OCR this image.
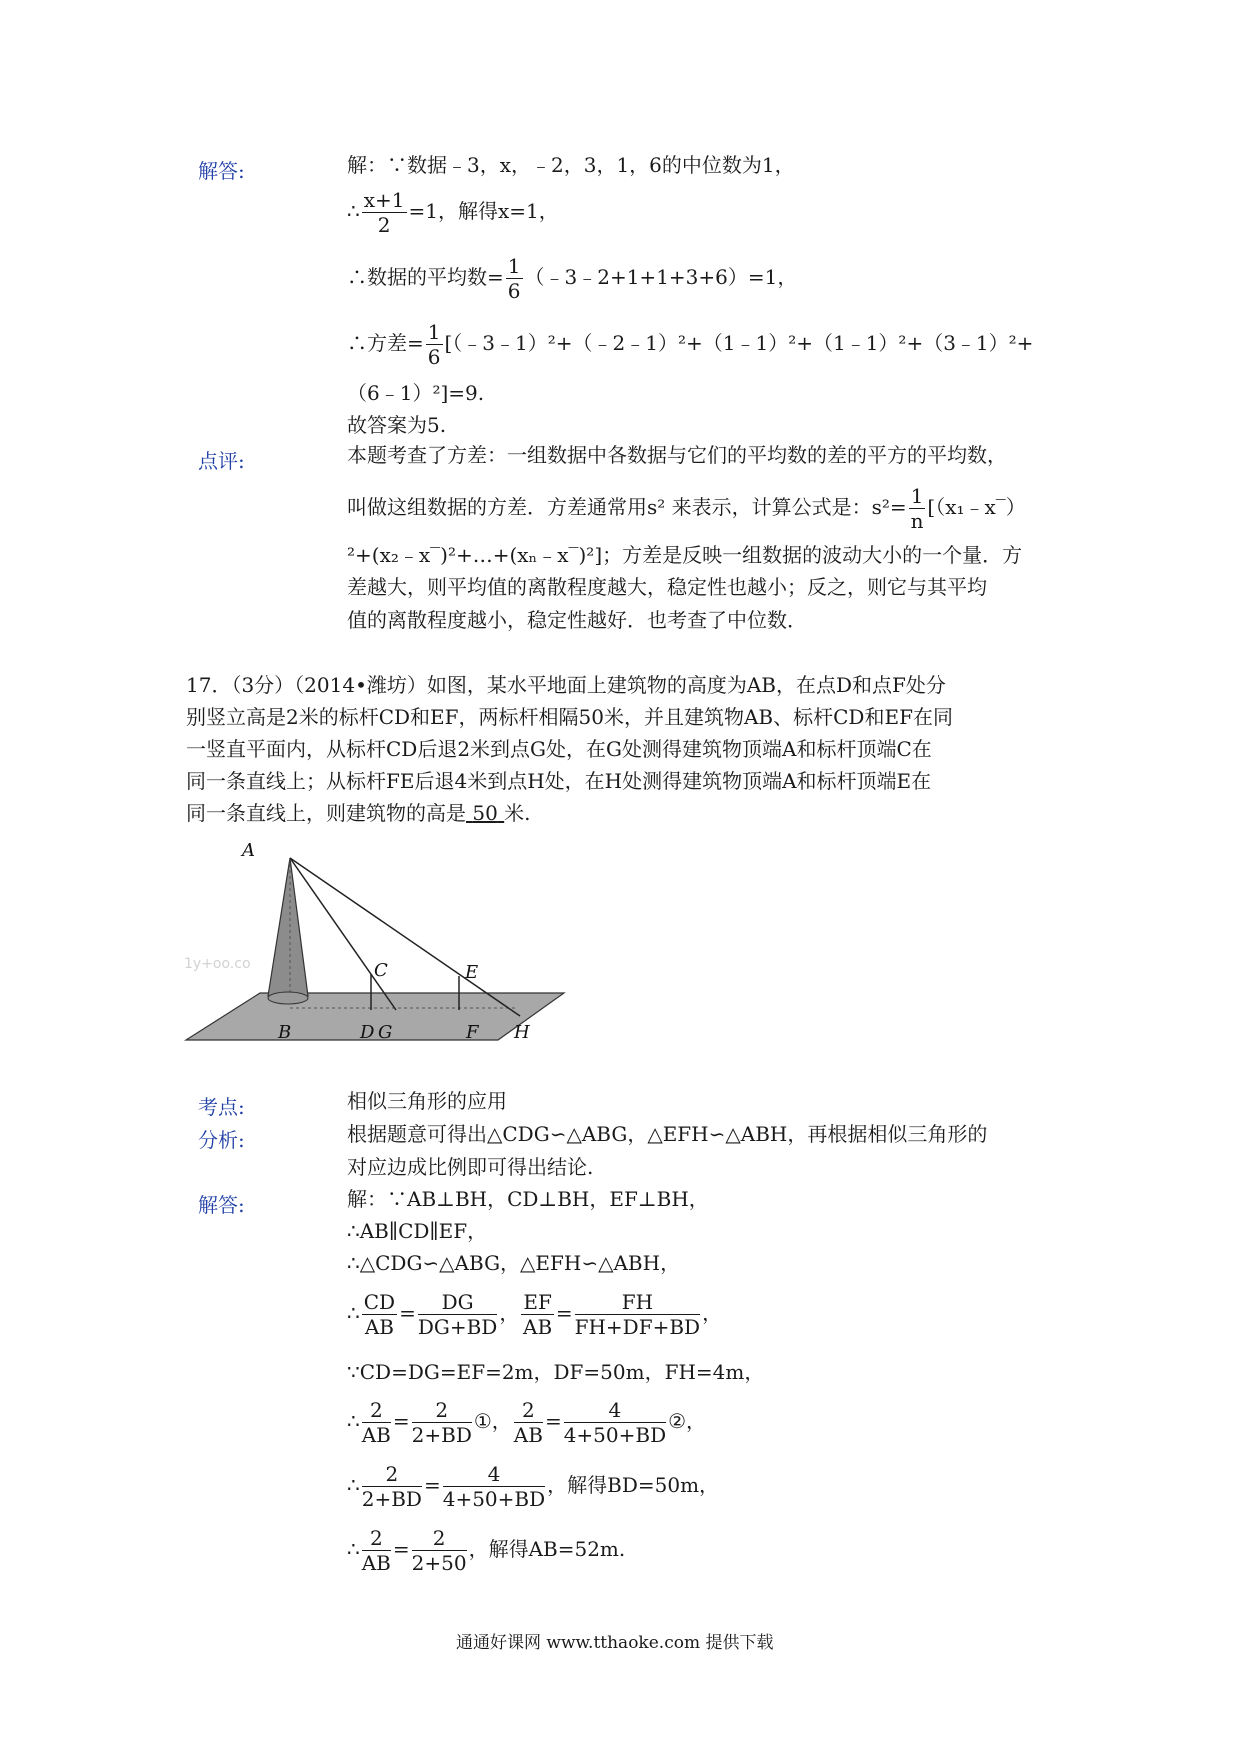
解答:	解：∵数据﹣3，x，﹣2，3，1，6的中位数为1，
∴ $\frac{x+1}{2} =1$，解得x=1，
∴数据的平均数= $\frac{1}{6}$ （﹣3﹣2+1+1+3+6）=1，
∴方差= $\frac{1}{6}$ [（﹣3﹣1）²+（﹣2﹣1）²+（1﹣1）²+（1﹣1）²+（3﹣1）²+
（6﹣1）²]=9.
故答案为5.
点评:	本题考查了方差：一组数据中各数据与它们的平均数的差的平方的平均数，
叫做这组数据的方差．方差通常用s² 来表示，计算公式是：$s^2= \frac{1}{n}$ [（x₁﹣x‾）
²+(x₂﹣x‾)²+…+(xₙ﹣x‾)²]；方差是反映一组数据的波动大小的一个量．方
差越大，则平均值的离散程度越大，稳定性也越小；反之，则它与其平均
值的离散程度越小，稳定性越好．也考查了中位数．
17．（3分）（2014•潍坊）如图，某水平地面上建筑物的高度为AB，在点D和点F处分
别竖立高是2米的标杆CD和EF，两标杆相隔50米，并且建筑物AB、标杆CD和EF在同
一竖直平面内，从标杆CD后退2米到点G处，在G处测得建筑物顶端A和标杆顶端C在
同一条直线上；从标杆FE后退4米到点H处，在H处测得建筑物顶端A和标杆顶端E在
同一条直线上，则建筑物的高是 50 米.
1y+oo.co
A
B
C
D G
E
F H
考点:	相似三角形的应用
分析:	根据题意可得出△CDG∽△ABG，△EFH∽△ABH，再根据相似三角形的
对应边成比例即可得出结论.
解答:	解：∵AB⊥BH，CD⊥BH，EF⊥BH，
∴AB∥CD∥EF，
∴△CDG∽△ABG，△EFH∽△ABH，
∴ $\frac{CD}{AB} = \frac{DG}{DG+BD}$ ， $\frac{EF}{AB} = \frac{FH}{FH+DF+BD}$ ，
∵CD=DG=EF=2m，DF=50m，FH=4m，
∴ $\frac{2}{AB} = \frac{2}{2+BD}$ ①， $\frac{2}{AB} = \frac{4}{4+50+BD}$ ②，
∴ $\frac{2}{2+BD} = \frac{4}{4+50+BD}$ ，解得BD=50m，
∴ $\frac{2}{AB} = \frac{2}{2+50}$ ，解得AB=52m.
通通好课网 www.tthaoke.com 提供下载
